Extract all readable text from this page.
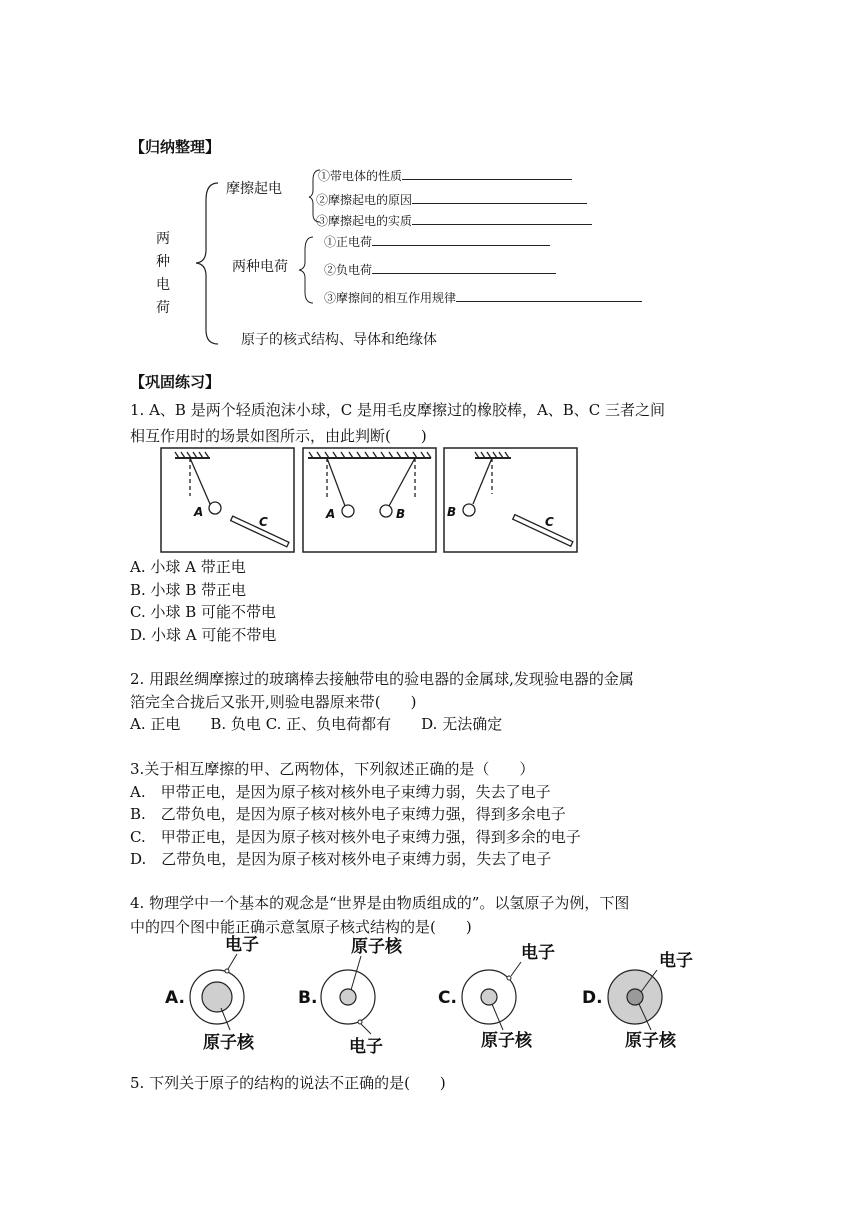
【归纳整理】
两
种
电
荷
摩擦起电
①带电体的性质
②摩擦起电的原因
③摩擦起电的实质
两种电荷
①正电荷
②负电荷
③摩擦间的相互作用规律
原子的核式结构、导体和绝缘体
【巩固练习】
1. A、B 是两个轻质泡沫小球，C 是用毛皮摩擦过的橡胶棒，A、B、C 三者之间
相互作用时的场景如图所示，由此判断(　　)
A
C
A	B	B
C
A. 小球 A 带正电
B. 小球 B 带正电
C. 小球 B 可能不带电
D. 小球 A 可能不带电
2. 用跟丝绸摩擦过的玻璃棒去接触带电的验电器的金属球,发现验电器的金属
箔完全合拢后又张开,则验电器原来带(　　)
A. 正电　　B. 负电 C. 正、负电荷都有　　D. 无法确定
3.关于相互摩擦的甲、乙两物体，下列叙述正确的是（　　）
A.　甲带正电，是因为原子核对核外电子束缚力弱，失去了电子
B.　乙带负电，是因为原子核对核外电子束缚力强，得到多余电子
C.　甲带正电，是因为原子核对核外电子束缚力强，得到多余的电子
D.　乙带负电，是因为原子核对核外电子束缚力弱，失去了电子
4. 物理学中一个基本的观念是“世界是由物质组成的”。以氢原子为例，下图
中的四个图中能正确示意氢原子核式结构的是(　　)
A.
电子
原子核
B.
原子核
电子
C.
电子
原子核
D.
电子
原子核
5. 下列关于原子的结构的说法不正确的是(　　)
